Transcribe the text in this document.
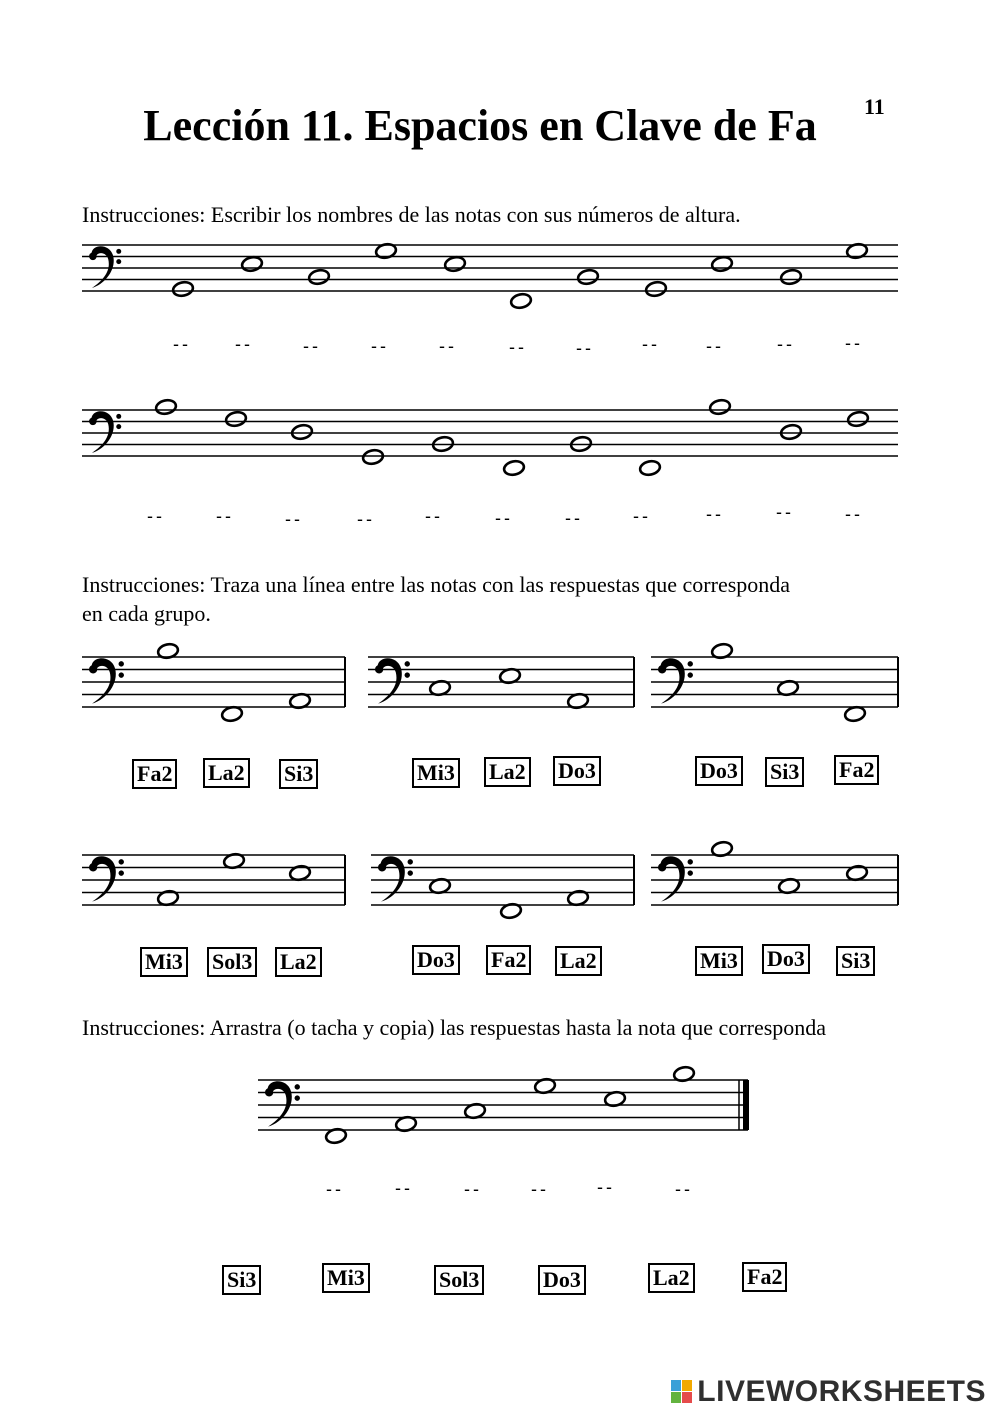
11
Lección 11. Espacios en Clave de Fa
Instrucciones: Escribir los nombres de las notas con sus números de altura.
Instrucciones: Traza una línea entre las notas con las respuestas que corresponda
en cada grupo.
Instrucciones: Arrastra (o tacha y copia) las respuestas hasta la nota que corresponda
-- --	--	--	--	--	--	--	--	--	--
--	--	--	--	--	--	--	--	--	--	--
--	--	--	--	--	--
Fa2 La2 Si3	Mi3 La2 Do3	Do3 Si3 Fa2
Mi3 Sol3 La2	Do3 Fa2 La2	Mi3 Do3 Si3
Si3	Mi3	Sol3	Do3	La2	Fa2
LIVEWORKSHEETS
